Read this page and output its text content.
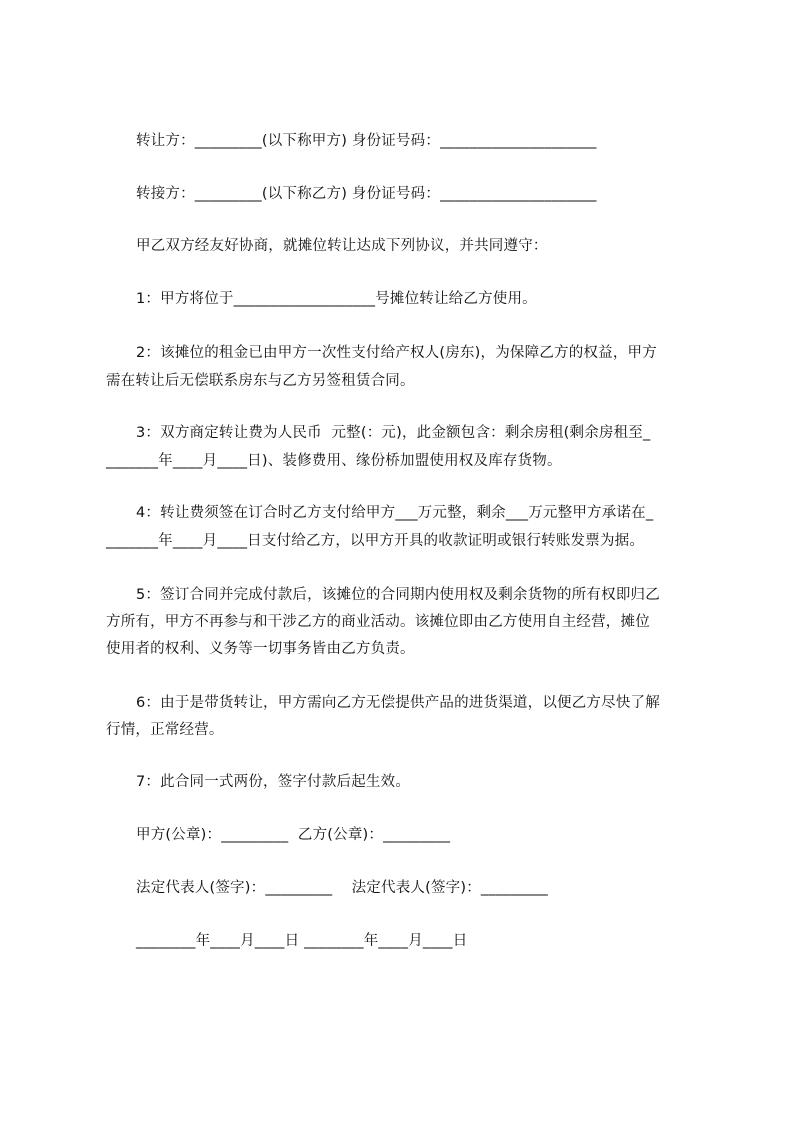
转让方：_________(以下称甲方) 身份证号码：_____________________
转接方：_________(以下称乙方) 身份证号码：_____________________
甲乙双方经友好协商，就摊位转让达成下列协议，并共同遵守：
1：甲方将位于___________________号摊位转让给乙方使用。
2：该摊位的租金已由甲方一次性支付给产权人(房东)，为保障乙方的权益，甲方
需在转让后无偿联系房东与乙方另签租赁合同。
3：双方商定转让费为人民币  元整(：元)，此金额包含：剩余房租(剩余房租至_
_______年____月____日)、装修费用、缘份桥加盟使用权及库存货物。
4：转让费须签在订合时乙方支付给甲方___万元整，剩余___万元整甲方承诺在_
_______年____月____日支付给乙方，以甲方开具的收款证明或银行转账发票为据。
5：签订合同并完成付款后，该摊位的合同期内使用权及剩余货物的所有权即归乙
方所有，甲方不再参与和干涉乙方的商业活动。该摊位即由乙方使用自主经营，摊位
使用者的权利、义务等一切事务皆由乙方负责。
6：由于是带货转让，甲方需向乙方无偿提供产品的进货渠道，以便乙方尽快了解
行情，正常经营。
7：此合同一式两份，签字付款后起生效。
甲方(公章)：_________  乙方(公章)：_________
法定代表人(签字)：_________    法定代表人(签字)：_________
________年____月____日 ________年____月____日
